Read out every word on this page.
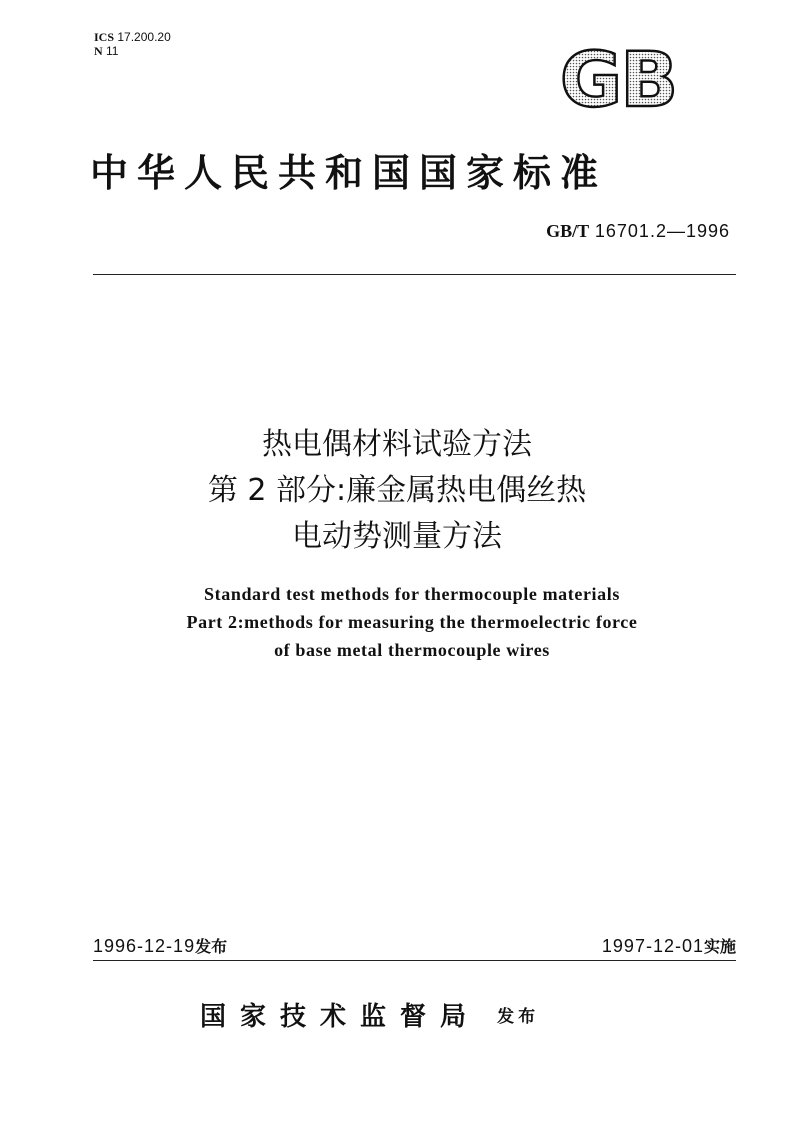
ICS 17.200.20
N 11	GB
中华人民共和国国家标准
GB/T 16701.2—1996
热电偶材料试验方法
第 2 部分:廉金属热电偶丝热
电动势测量方法
Standard test methods for thermocouple materials
Part 2:methods for measuring the thermoelectric force
of base metal thermocouple wires
1996-12-19发布	1997-12-01实施
国家技术监督局 发布
